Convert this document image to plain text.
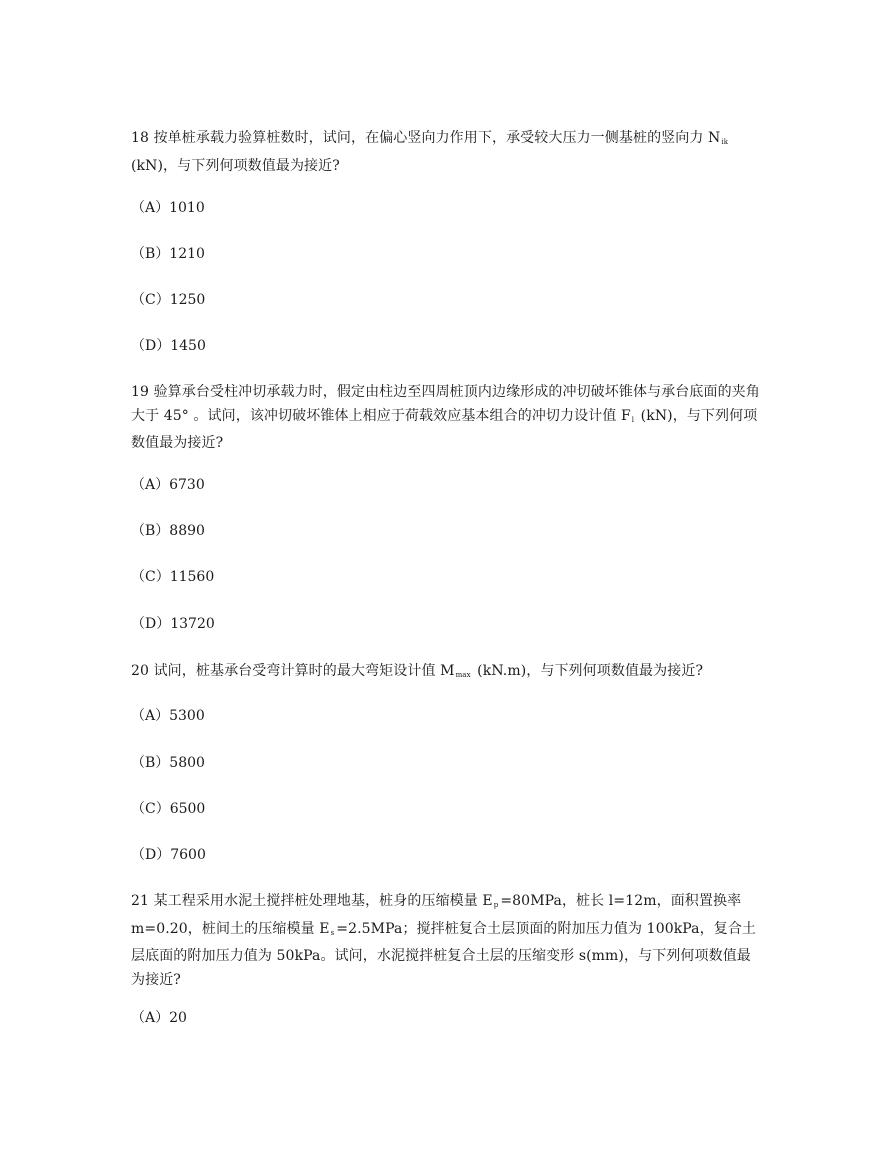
18 按单桩承载力验算桩数时，试问，在偏心竖向力作用下，承受较大压力一侧基桩的竖向力 $N_{ik}$ (kN)，与下列何项数值最为接近?
（A）1010
（B）1210
（C）1250
（D）1450
19 验算承台受柱冲切承载力时，假定由柱边至四周桩顶内边缘形成的冲切破坏锥体与承台底面的夹角大于 45° 。试问，该冲切破坏锥体上相应于荷载效应基本组合的冲切力设计值 $F_l$ (kN)，与下列何项数值最为接近?
（A）6730
（B）8890
（C）11560
（D）13720
20 试问，桩基承台受弯计算时的最大弯矩设计值 $M_{max}$ (kN.m)，与下列何项数值最为接近?
（A）5300
（B）5800
（C）6500
（D）7600
21 某工程采用水泥土搅拌桩处理地基，桩身的压缩模量 $E_p =80MPa$，桩长 l=12m，面积置换率 m=0.20，桩间土的压缩模量 $E_s =2.5MPa$；搅拌桩复合土层顶面的附加压力值为 100kPa，复合土层底面的附加压力值为 50kPa。试问，水泥搅拌桩复合土层的压缩变形 s(mm)，与下列何项数值最为接近?
（A）20
